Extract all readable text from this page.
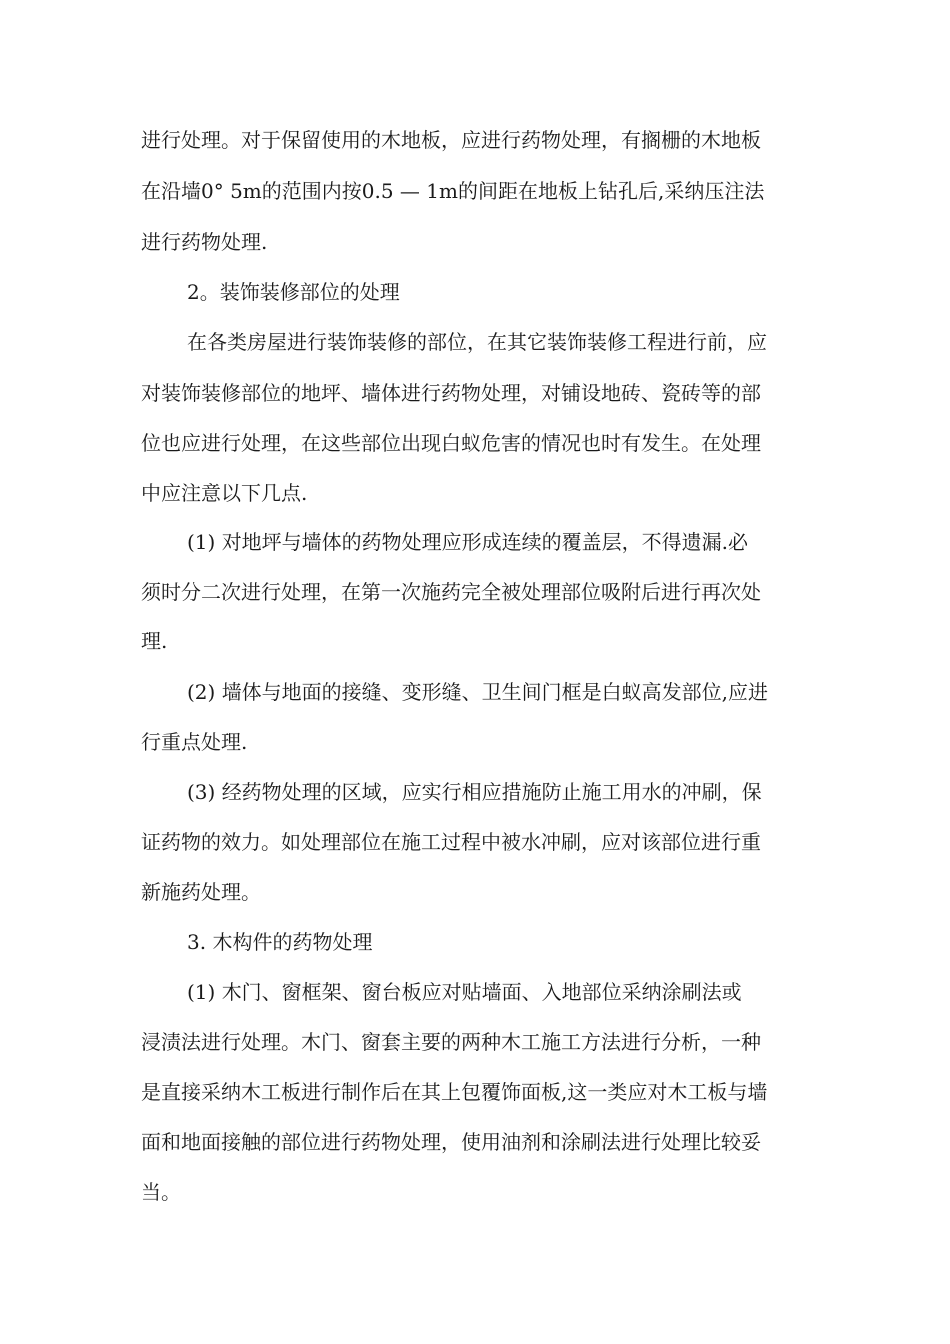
进行处理。对于保留使用的木地板，应进行药物处理，有搁栅的木地板
在沿墙0° 5m的范围内按0.5 — 1m的间距在地板上钻孔后,采纳压注法
进行药物处理.
2。装饰装修部位的处理
在各类房屋进行装饰装修的部位，在其它装饰装修工程进行前，应
对装饰装修部位的地坪、墙体进行药物处理，对铺设地砖、瓷砖等的部
位也应进行处理，在这些部位出现白蚁危害的情况也时有发生。在处理
中应注意以下几点.
(1) 对地坪与墙体的药物处理应形成连续的覆盖层，不得遗漏.必
须时分二次进行处理，在第一次施药完全被处理部位吸附后进行再次处
理.
(2) 墙体与地面的接缝、变形缝、卫生间门框是白蚁高发部位,应进
行重点处理.
(3) 经药物处理的区域，应实行相应措施防止施工用水的冲刷，保
证药物的效力。如处理部位在施工过程中被水冲刷，应对该部位进行重
新施药处理。
3. 木构件的药物处理
(1) 木门、窗框架、窗台板应对贴墙面、入地部位采纳涂刷法或
浸渍法进行处理。木门、窗套主要的两种木工施工方法进行分析，一种
是直接采纳木工板进行制作后在其上包覆饰面板,这一类应对木工板与墙
面和地面接触的部位进行药物处理，使用油剂和涂刷法进行处理比较妥
当。
